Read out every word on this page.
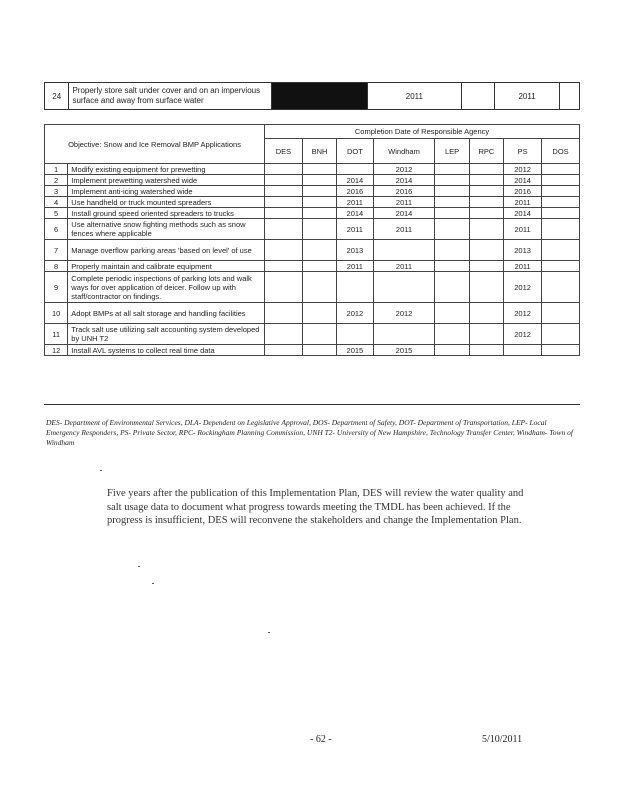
24	Properly store salt under cover and on an impervious surface and away from surface water		2011		2011	
Objective: Snow and Ice Removal BMP Applications		Completion Date of Responsible Agency							
		DES	BNH	DOT	Windham	LEP	RPC	PS	DOS
1	Modify existing equipment for prewetting				2012			2012	
2	Implement prewetting watershed wide			2014	2014			2014	
3	Implement anti-icing watershed wide			2016	2016			2016	
4	Use handheld or truck mounted spreaders			2011	2011			2011	
5	Install ground speed oriented spreaders to trucks			2014	2014			2014	
6	Use alternative snow fighting methods such as snow fences where applicable			2011	2011			2011	
7	Manage overflow parking areas 'based on level' of use			2013				2013	
8	Properly maintain and calibrate equipment			2011	2011			2011	
9	Complete periodic inspections of parking lots and walk ways for over application of deicer. Follow up with staff/contractor on findings.							2012	
10	Adopt BMPs at all salt storage and handling facilities			2012	2012			2012	
11	Track salt use utilizing salt accounting system developed by UNH T2							2012	
12	Install AVL systems to collect real time data			2015	2015				
DES- Department of Environmental Services, DLA- Dependent on Legislative Approval, DOS- Department of Safety, DOT- Department of Transportation, LEP- Local Emergency Responders, PS- Private Sector, RPC- Rockingham Planning Commission, UNH T2- University of New Hampshire, Technology Transfer Center, Windham- Town of Windham
Five years after the publication of this Implementation Plan, DES will review the water quality and salt usage data to document what progress towards meeting the TMDL has been achieved. If the progress is insufficient, DES will reconvene the stakeholders and change the Implementation Plan.
- 62 -	5/10/2011
